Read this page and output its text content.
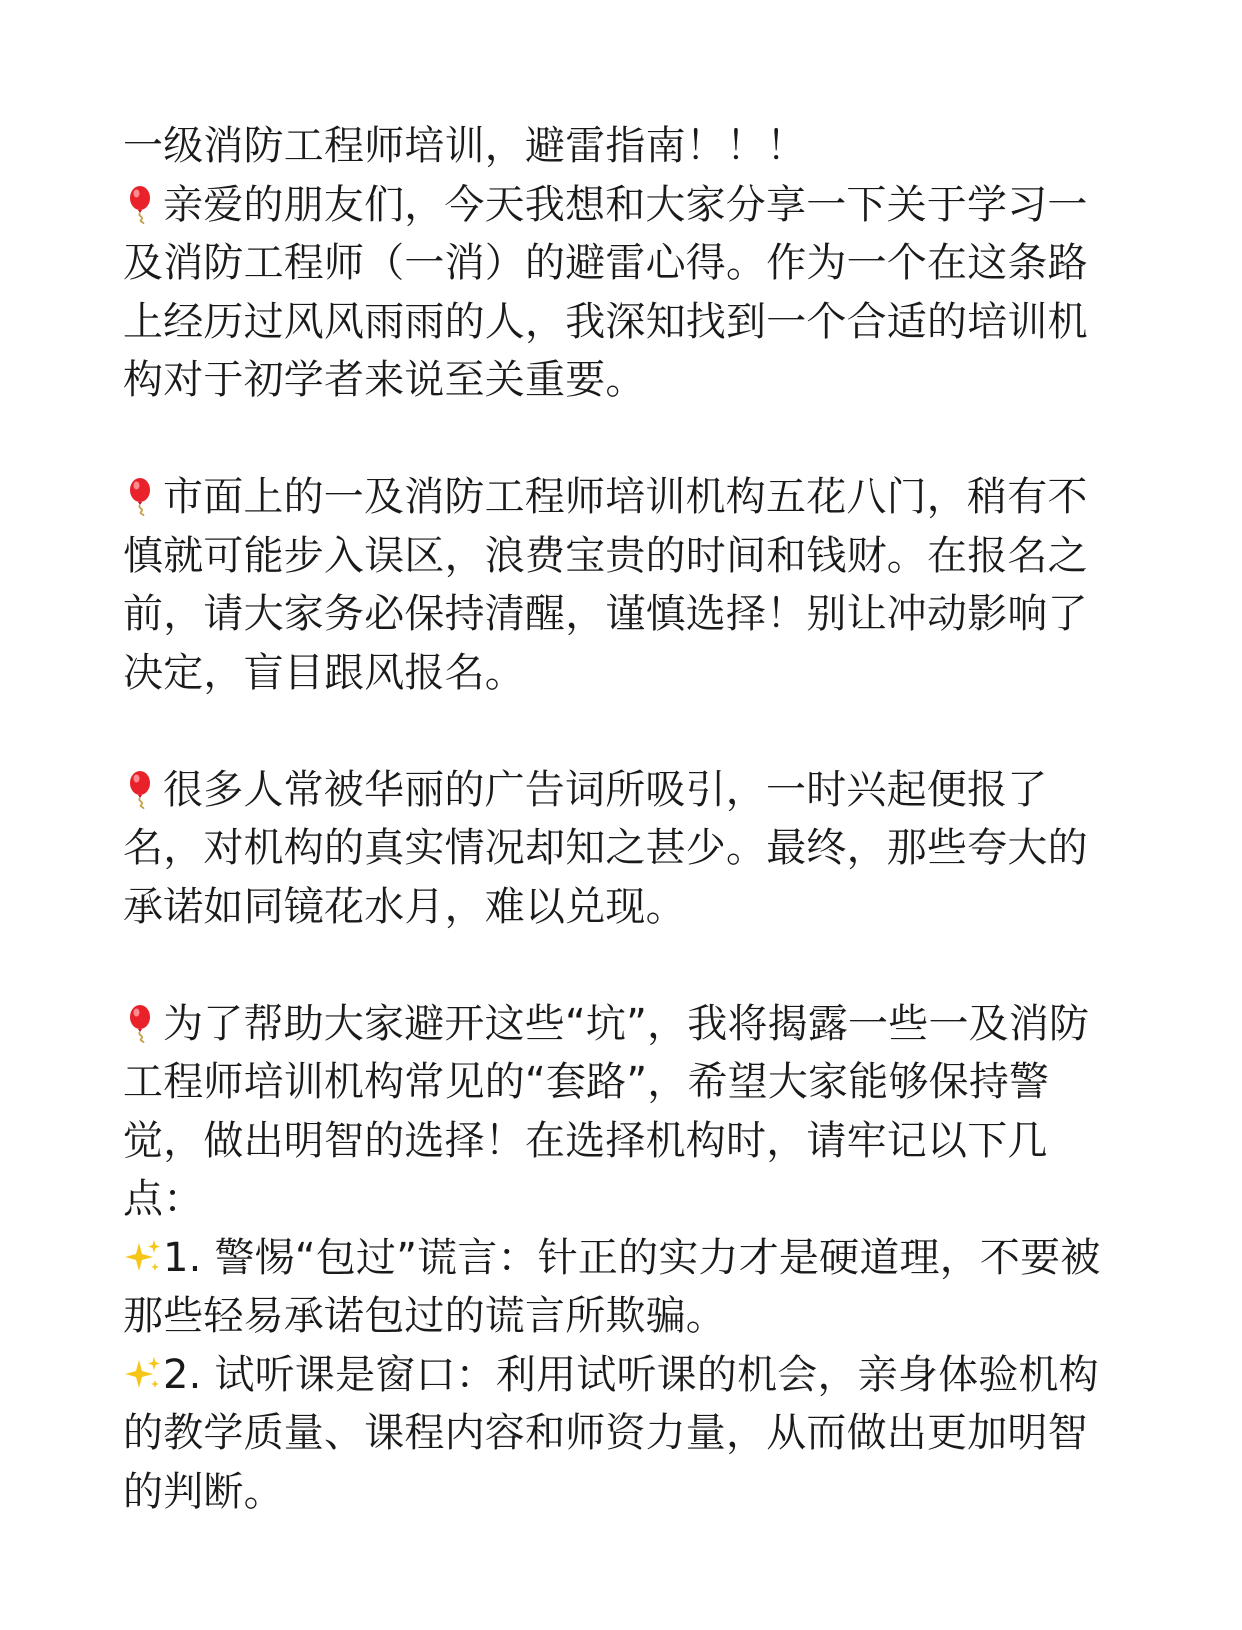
一级消防工程师培训，避雷指南！！！

亲爱的朋友们，今天我想和大家分享一下关于学习一及消防工程师（一消）的避雷心得。作为一个在这条路上经历过风风雨雨的人，我深知找到一个合适的培训机构对于初学者来说至关重要。

市面上的一及消防工程师培训机构五花八门，稍有不慎就可能步入误区，浪费宝贵的时间和钱财。在报名之前，请大家务必保持清醒，谨慎选择！别让冲动影响了决定，盲目跟风报名。

很多人常被华丽的广告词所吸引，一时兴起便报了名，对机构的真实情况却知之甚少。最终，那些夸大的承诺如同镜花水月，难以兑现。

为了帮助大家避开这些“坑”，我将揭露一些一及消防工程师培训机构常见的“套路”，希望大家能够保持警觉，做出明智的选择！在选择机构时，请牢记以下几点：

1. 警惕“包过”谎言：针正的实力才是硬道理，不要被那些轻易承诺包过的谎言所欺骗。

2. 试听课是窗口：利用试听课的机会，亲身体验机构的教学质量、课程内容和师资力量，从而做出更加明智的判断。
